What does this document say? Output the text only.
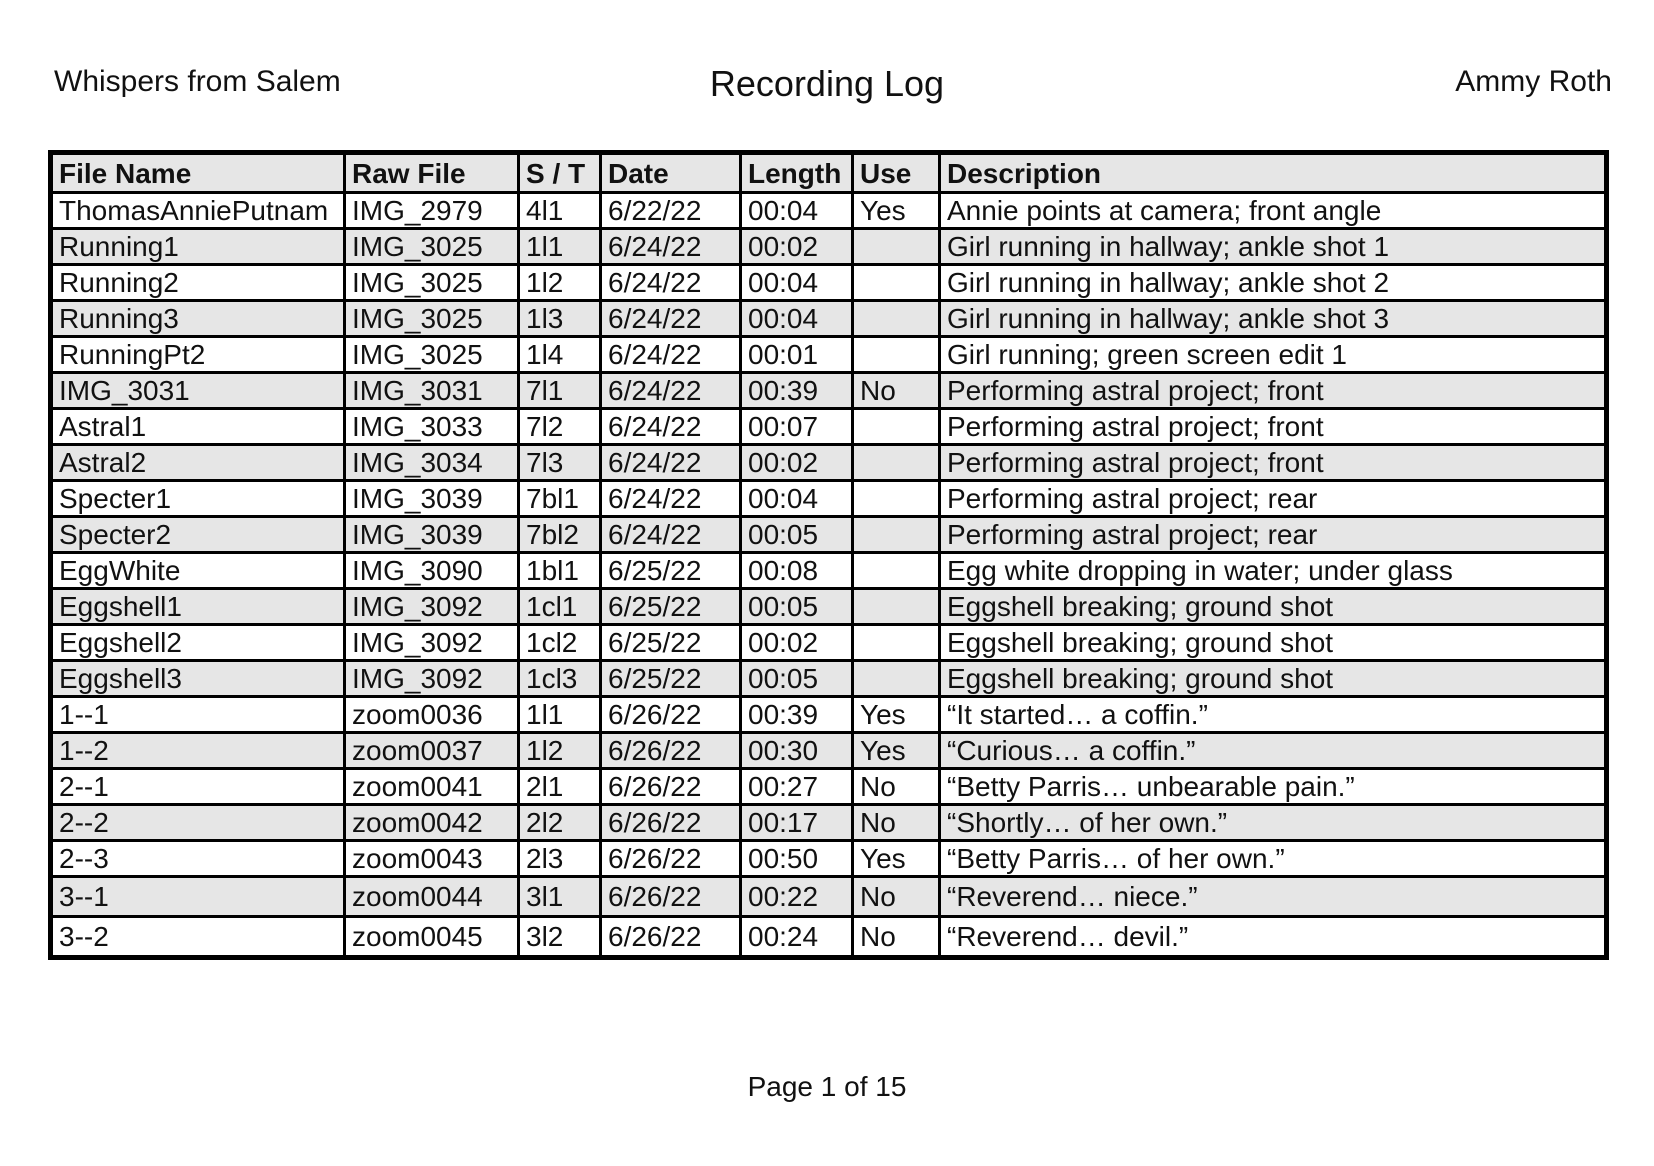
Whispers from Salem	Recording Log	Ammy Roth
File Name	Raw File	S / T	Date	Length	Use	Description
ThomasAnniePutnam	IMG_2979	4l1	6/22/22	00:04	Yes	Annie points at camera; front angle
Running1	IMG_3025	1l1	6/24/22	00:02		Girl running in hallway; ankle shot 1
Running2	IMG_3025	1l2	6/24/22	00:04		Girl running in hallway; ankle shot 2
Running3	IMG_3025	1l3	6/24/22	00:04		Girl running in hallway; ankle shot 3
RunningPt2	IMG_3025	1l4	6/24/22	00:01		Girl running; green screen edit 1
IMG_3031	IMG_3031	7l1	6/24/22	00:39	No	Performing astral project; front
Astral1	IMG_3033	7l2	6/24/22	00:07		Performing astral project; front
Astral2	IMG_3034	7l3	6/24/22	00:02		Performing astral project; front
Specter1	IMG_3039	7bl1	6/24/22	00:04		Performing astral project; rear
Specter2	IMG_3039	7bl2	6/24/22	00:05		Performing astral project; rear
EggWhite	IMG_3090	1bl1	6/25/22	00:08		Egg white dropping in water; under glass
Eggshell1	IMG_3092	1cl1	6/25/22	00:05		Eggshell breaking; ground shot
Eggshell2	IMG_3092	1cl2	6/25/22	00:02		Eggshell breaking; ground shot
Eggshell3	IMG_3092	1cl3	6/25/22	00:05		Eggshell breaking; ground shot
1--1	zoom0036	1l1	6/26/22	00:39	Yes	“It started… a coffin.”
1--2	zoom0037	1l2	6/26/22	00:30	Yes	“Curious… a coffin.”
2--1	zoom0041	2l1	6/26/22	00:27	No	“Betty Parris… unbearable pain.”
2--2	zoom0042	2l2	6/26/22	00:17	No	“Shortly… of her own.”
2--3	zoom0043	2l3	6/26/22	00:50	Yes	“Betty Parris… of her own.”
3--1	zoom0044	3l1	6/26/22	00:22	No	“Reverend… niece.”
3--2	zoom0045	3l2	6/26/22	00:24	No	“Reverend… devil.”
Page 1 of 15
